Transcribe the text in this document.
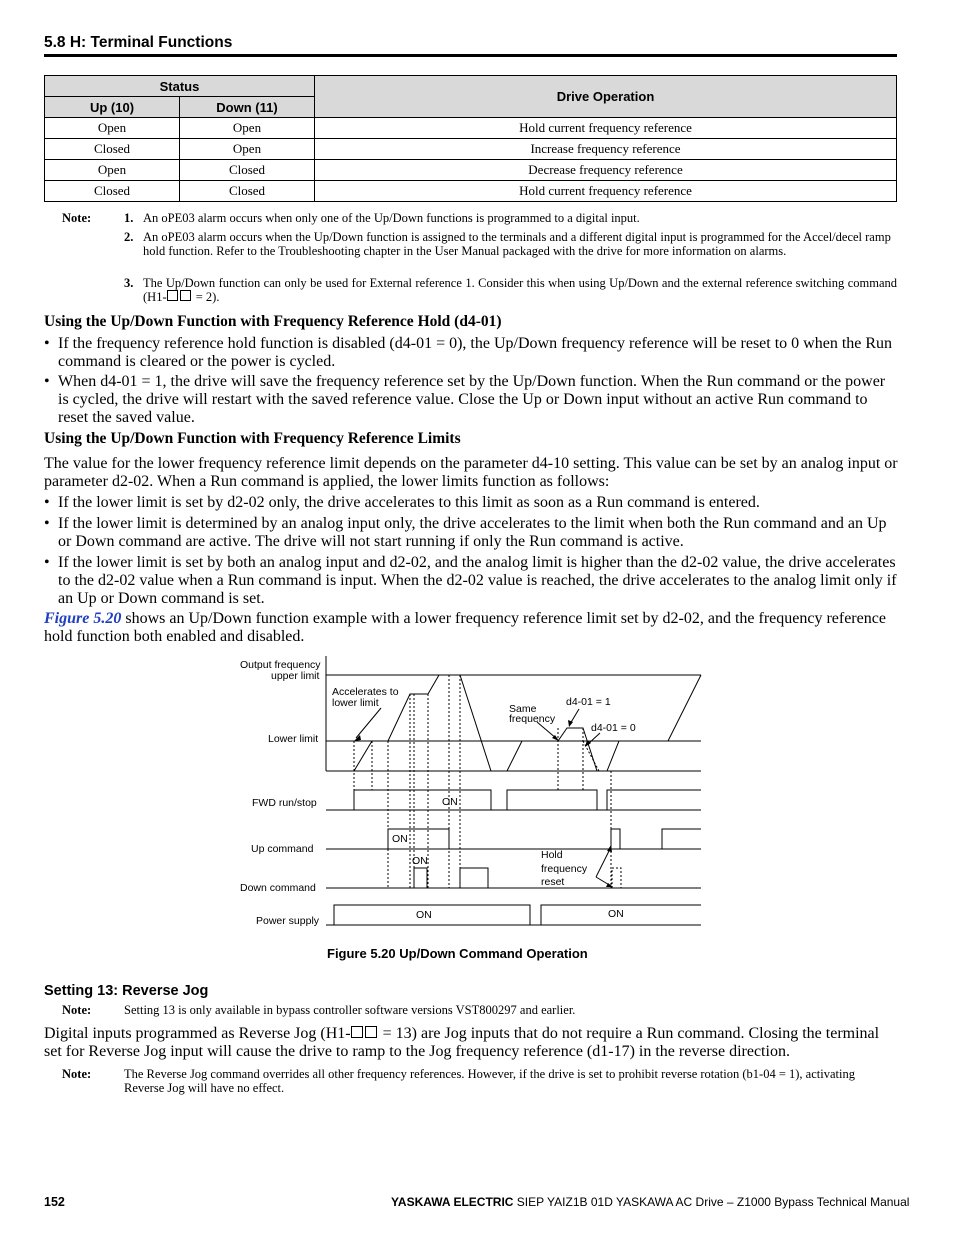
5.8 H: Terminal Functions
Status		Drive Operation
Up (10)	Down (11)	
Open	Open	Hold current frequency reference
Closed	Open	Increase frequency reference
Open	Closed	Decrease frequency reference
Closed	Closed	Hold current frequency reference
Note:	1. An oPE03 alarm occurs when only one of the Up/Down functions is programmed to a digital input.
2. An oPE03 alarm occurs when the Up/Down function is assigned to the terminals and a different digital input is programmed for the Accel/decel ramp hold function. Refer to the Troubleshooting chapter in the User Manual packaged with the drive for more information on alarms.
3. The Up/Down function can only be used for External reference 1. Consider this when using Up/Down and the external reference switching command (H1- = 2).
Using the Up/Down Function with Frequency Reference Hold (d4-01)
• If the frequency reference hold function is disabled (d4-01 = 0), the Up/Down frequency reference will be reset to 0 when the Run command is cleared or the power is cycled.
• When d4-01 = 1, the drive will save the frequency reference set by the Up/Down function. When the Run command or the power is cycled, the drive will restart with the saved reference value. Close the Up or Down input without an active Run command to reset the saved value.
Using the Up/Down Function with Frequency Reference Limits
The value for the lower frequency reference limit depends on the parameter d4-10 setting. This value can be set by an analog input or parameter d2-02. When a Run command is applied, the lower limits function as follows:
• If the lower limit is set by d2-02 only, the drive accelerates to this limit as soon as a Run command is entered.
• If the lower limit is determined by an analog input only, the drive accelerates to the limit when both the Run command and an Up or Down command are active. The drive will not start running if only the Run command is active.
• If the lower limit is set by both an analog input and d2-02, and the analog limit is higher than the d2-02 value, the drive accelerates to the d2-02 value when a Run command is input. When the d2-02 value is reached, the drive accelerates to the analog limit only if an Up or Down command is set.
Figure 5.20 shows an Up/Down function example with a lower frequency reference limit set by d2-02, and the frequency reference hold function both enabled and disabled.
Output frequency
upper limit
Lower limit
FWD run/stop
Up command
Down command
Power supply
Accelerates to
lower limit	Same
frequency
d4-01 = 1
d4-01 = 0
ON
ON
ON
ON	ON
Hold
frequency
reset
Figure 5.20 Up/Down Command Operation
Setting 13: Reverse Jog
Note:	Setting 13 is only available in bypass controller software versions VST800297 and earlier.
Digital inputs programmed as Reverse Jog (H1- = 13) are Jog inputs that do not require a Run command. Closing the terminal set for Reverse Jog input will cause the drive to ramp to the Jog frequency reference (d1-17) in the reverse direction.
Note:	The Reverse Jog command overrides all other frequency references. However, if the drive is set to prohibit reverse rotation (b1-04 = 1), activating Reverse Jog will have no effect.
152	YASKAWA ELECTRIC SIEP YAIZ1B 01D YASKAWA AC Drive – Z1000 Bypass Technical Manual
